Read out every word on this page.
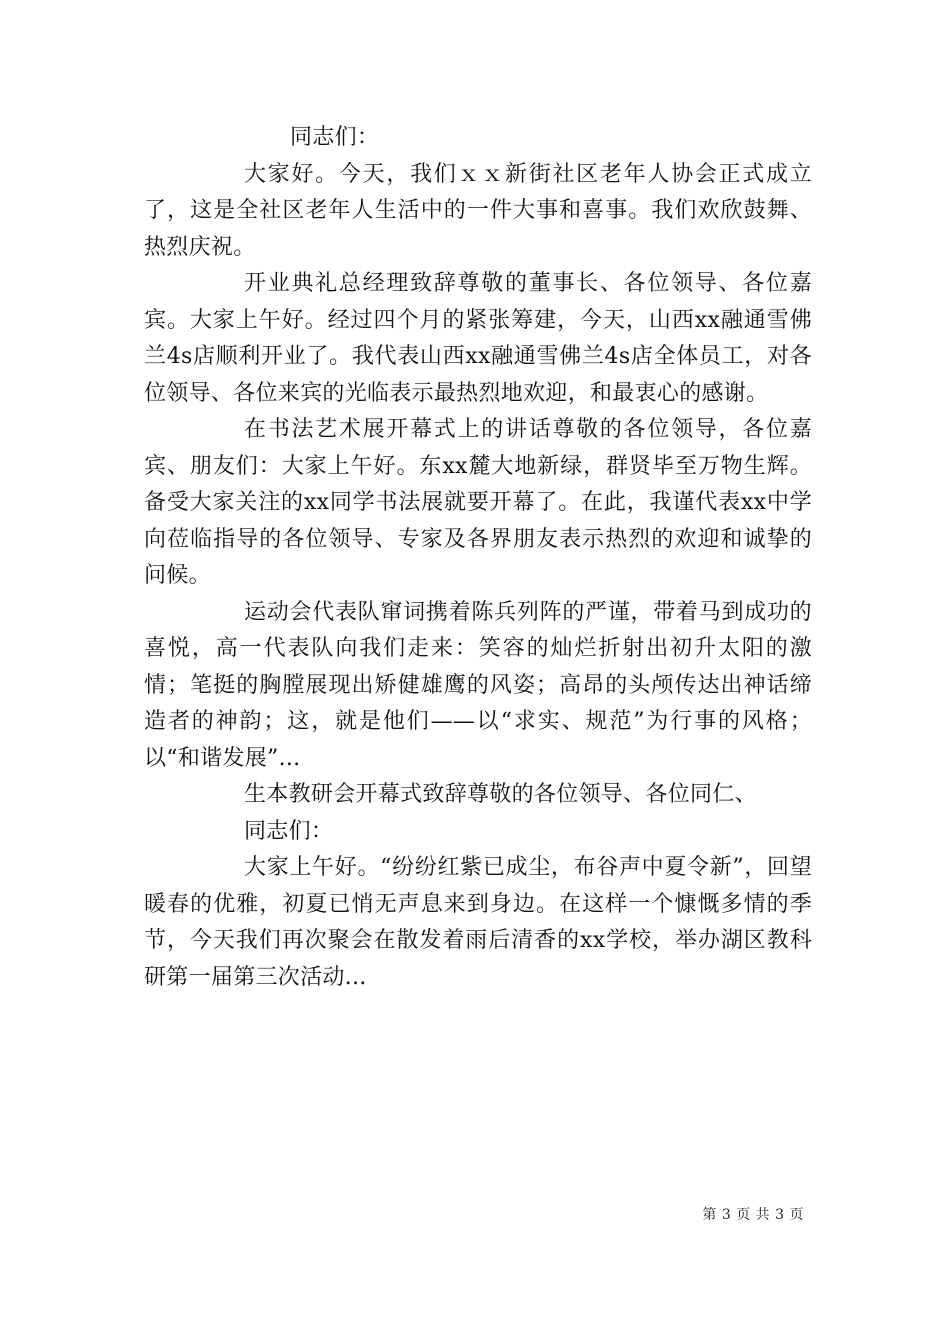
同志们：

大家好。今天，我们ｘｘ新街社区老年人协会正式成立了，这是全社区老年人生活中的一件大事和喜事。我们欢欣鼓舞、热烈庆祝。

开业典礼总经理致辞尊敬的董事长、各位领导、各位嘉宾。大家上午好。经过四个月的紧张筹建，今天，山西xx融通雪佛兰4s店顺利开业了。我代表山西xx融通雪佛兰4s店全体员工，对各位领导、各位来宾的光临表示最热烈地欢迎，和最衷心的感谢。

在书法艺术展开幕式上的讲话尊敬的各位领导，各位嘉宾、朋友们：大家上午好。东xx麓大地新绿，群贤毕至万物生辉。备受大家关注的xx同学书法展就要开幕了。在此，我谨代表xx中学向莅临指导的各位领导、专家及各界朋友表示热烈的欢迎和诚挚的问候。

运动会代表队窜词携着陈兵列阵的严谨，带着马到成功的喜悦，高一代表队向我们走来：笑容的灿烂折射出初升太阳的激情；笔挺的胸膛展现出矫健雄鹰的风姿；高昂的头颅传达出神话缔造者的神韵；这，就是他们——以“求实、规范”为行事的风格；以“和谐发展”...

生本教研会开幕式致辞尊敬的各位领导、各位同仁、

同志们：

大家上午好。“纷纷红紫已成尘，布谷声中夏令新”，回望暖春的优雅，初夏已悄无声息来到身边。在这样一个慷慨多情的季节，今天我们再次聚会在散发着雨后清香的xx学校，举办湖区教科研第一届第三次活动...

第 3 页 共 3 页
